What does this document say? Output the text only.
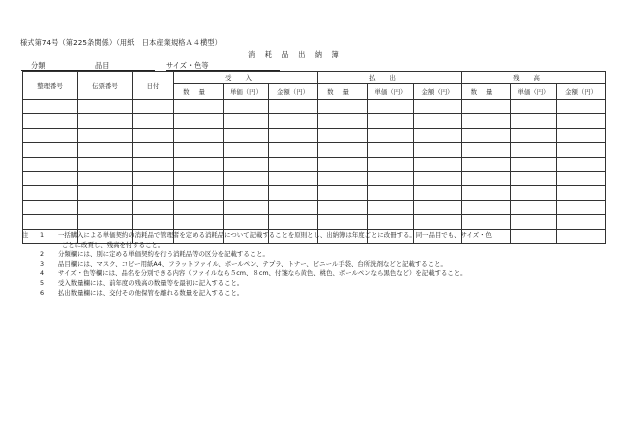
様式第74号（第225条関係）（用紙　日本産業規格Ａ４横型）
消耗品出納簿
分類	品目	サイズ・色等
整理番号	伝票番号	日付	受入			払出			残高		
			数量	単価（円）	金額（円）	数量	単価（円）	金額（円）	数量	単価（円）	金額（円）

注 1 一括購入による単価契約の消耗品で管理者を定める消耗品について記載することを原則とし、出納簿は年度ごとに改冊する。同一品目でも、サイズ・色
ごとに改頁し、残高を付すること。
2 分類欄には、別に定める単価契約を行う消耗品等の区分を記載すること。
3 品目欄には、マスク、コピー用紙A4、フラットファイル、ボールペン、テプラ、トナー、ビニール手袋、台所洗剤などと記載すること。
4 サイズ・色等欄には、品名を分別できる内容（ファイルなら５cm、８cm、付箋なら黄色、桃色、ボールペンなら黒色など）を記載すること。
5 受入数量欄には、前年度の残高の数量等を最初に記入すること。
6 払出数量欄には、交付その他保管を離れる数量を記入すること。
